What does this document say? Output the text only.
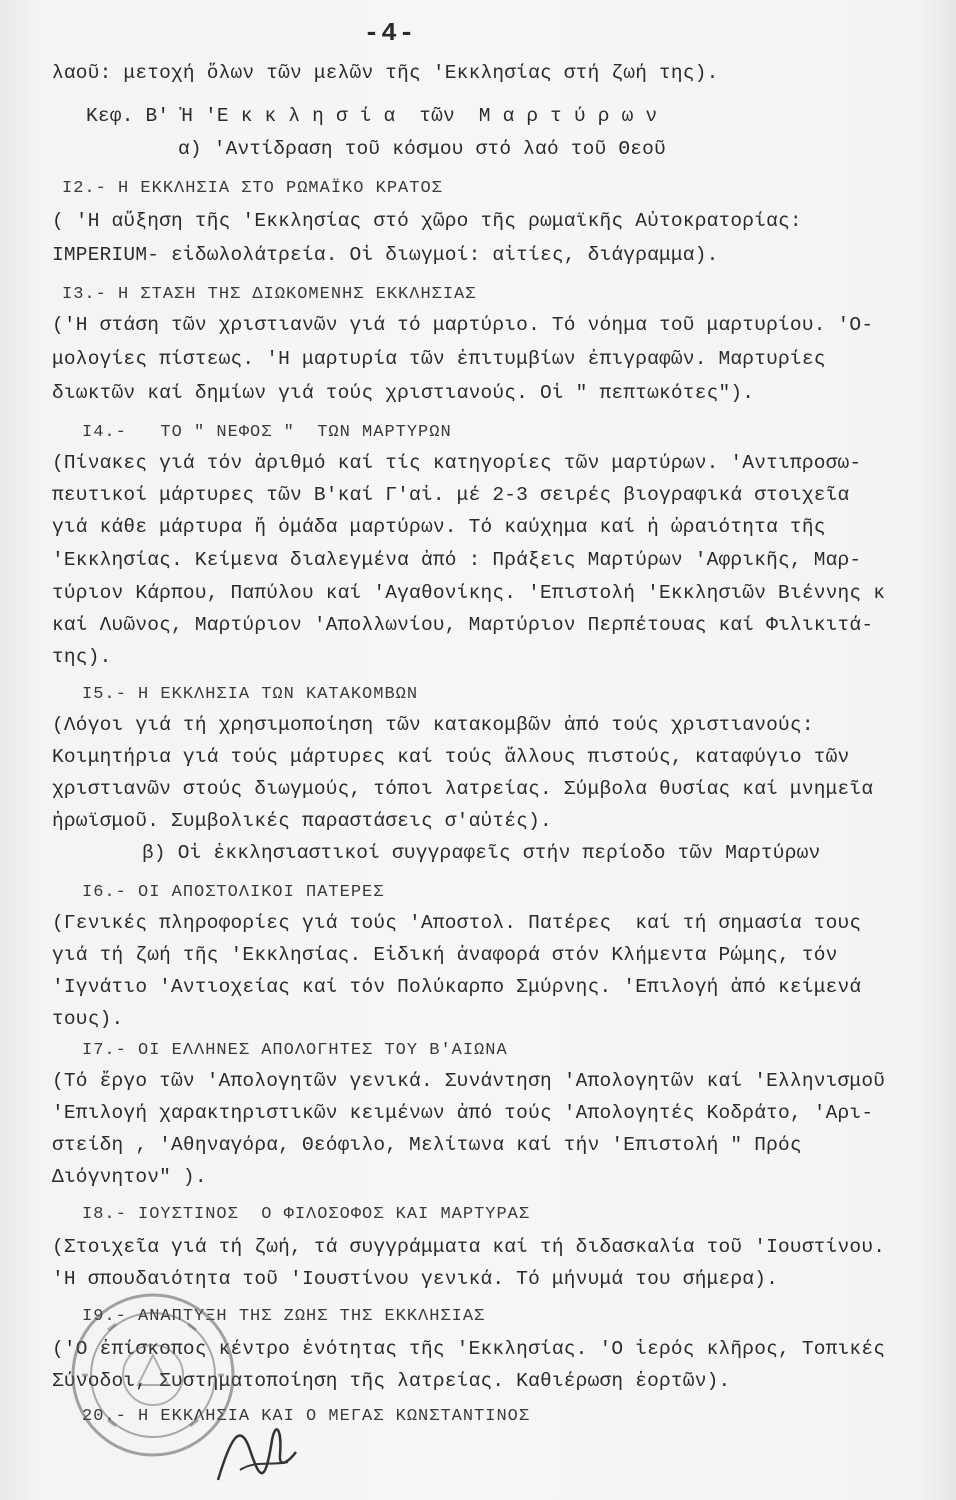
-4-
λαοῦ: μετοχή ὅλων τῶν μελῶν τῆς 'Εκκλησίας στή ζωή της).
Κεφ. Β' Ἡ 'Ε κ κ λ η σ ί α  τῶν  Μ α ρ τ ύ ρ ω ν
α) 'Αντίδραση τοῦ κόσμου στό λαό τοῦ Θεοῦ
I2.- Η ΕΚΚΛΗΣΙΑ ΣΤΟ ΡΩΜΑΪΚΟ ΚΡΑΤΟΣ
( 'Η αὔξηση τῆς 'Εκκλησίας στό χῶρο τῆς ρωμαϊκῆς Αὐτοκρατορίας:
IMPERIUM- εἰδωλολάτρεία. Οἱ διωγμοί: αἰτίες, διάγραμμα).
I3.- Η ΣΤΑΣΗ ΤΗΣ ΔΙΩΚΟΜΕΝΗΣ ΕΚΚΛΗΣΙΑΣ
('Η στάση τῶν χριστιανῶν γιά τό μαρτύριο. Τό νόημα τοῦ μαρτυρίου. 'Ο-
μολογίες πίστεως. 'Η μαρτυρία τῶν ἐπιτυμβίων ἐπιγραφῶν. Μαρτυρίες
διωκτῶν καί δημίων γιά τούς χριστιανούς. Οἱ " πεπτωκότες").
I4.-   ΤΟ " ΝΕΦΟΣ "  ΤΩΝ ΜΑΡΤΥΡΩΝ
(Πίνακες γιά τόν ἀριθμό καί τίς κατηγορίες τῶν μαρτύρων. 'Αντιπροσω-
πευτικοί μάρτυρες τῶν Β'καί Γ'αἰ. μέ 2-3 σειρές βιογραφικά στοιχεῖα
γιά κάθε μάρτυρα ἤ ὁμάδα μαρτύρων. Τό καύχημα καί ἡ ὡραιότητα τῆς
'Εκκλησίας. Κείμενα διαλεγμένα ἀπό : Πράξεις Μαρτύρων 'Αφρικῆς, Μαρ-
τύριον Κάρπου, Παπύλου καί 'Αγαθονίκης. 'Επιστολή 'Εκκλησιῶν Βιέννης κ
καί Λυῶνος, Μαρτύριον 'Απολλωνίου, Μαρτύριον Περπέτουας καί Φιλικιτά-
της).
I5.- Η ΕΚΚΛΗΣΙΑ ΤΩΝ ΚΑΤΑΚΟΜΒΩΝ
(Λόγοι γιά τή χρησιμοποίηση τῶν κατακομβῶν ἀπό τούς χριστιανούς:
Κοιμητήρια γιά τούς μάρτυρες καί τούς ἄλλους πιστούς, καταφύγιο τῶν
χριστιανῶν στούς διωγμούς, τόποι λατρείας. Σύμβολα θυσίας καί μνημεῖα
ἡρωϊσμοῦ. Συμβολικές παραστάσεις σ'αὐτές).
β) Οἱ ἐκκλησιαστικοί συγγραφεῖς στήν περίοδο τῶν Μαρτύρων
I6.- ΟΙ ΑΠΟΣΤΟΛΙΚΟΙ ΠΑΤΕΡΕΣ
(Γενικές πληροφορίες γιά τούς 'Αποστολ. Πατέρες  καί τή σημασία τους
γιά τή ζωή τῆς 'Εκκλησίας. Εἰδική ἀναφορά στόν Κλήμεντα Ρώμης, τόν
'Ιγνάτιο 'Αντιοχείας καί τόν Πολύκαρπο Σμύρνης. 'Επιλογή ἀπό κείμενά
τους).
I7.- ΟΙ ΕΛΛΗΝΕΣ ΑΠΟΛΟΓΗΤΕΣ ΤΟΥ Β'ΑΙΩΝΑ
(Τό ἔργο τῶν 'Απολογητῶν γενικά. Συνάντηση 'Απολογητῶν καί 'Ελληνισμοῦ
'Επιλογή χαρακτηριστικῶν κειμένων ἀπό τούς 'Απολογητές Κοδράτο, 'Αρι-
στείδη , 'Αθηναγόρα, Θεόφιλο, Μελίτωνα καί τήν 'Επιστολή " Πρός
Διόγνητον" ).
I8.- ΙΟΥΣΤΙΝΟΣ  Ο ΦΙΛΟΣΟΦΟΣ ΚΑΙ ΜΑΡΤΥΡΑΣ
(Στοιχεῖα γιά τή ζωή, τά συγγράμματα καί τή διδασκαλία τοῦ 'Ιουστίνου.
'Η σπουδαιότητα τοῦ 'Ιουστίνου γενικά. Τό μήνυμά του σήμερα).
I9.- ΑΝΑΠΤΥΞΗ ΤΗΣ ΖΩΗΣ ΤΗΣ ΕΚΚΛΗΣΙΑΣ
('Ο ἐπίσκοπος κέντρο ἑνότητας τῆς 'Εκκλησίας. 'Ο ἱερός κλῆρος, Τοπικές
Σύνοδοι, Συστηματοποίηση τῆς λατρείας. Καθιέρωση ἑορτῶν).
20.- Η ΕΚΚΛΗΣΙΑ ΚΑΙ Ο ΜΕΓΑΣ ΚΩΝΣΤΑΝΤΙΝΟΣ
